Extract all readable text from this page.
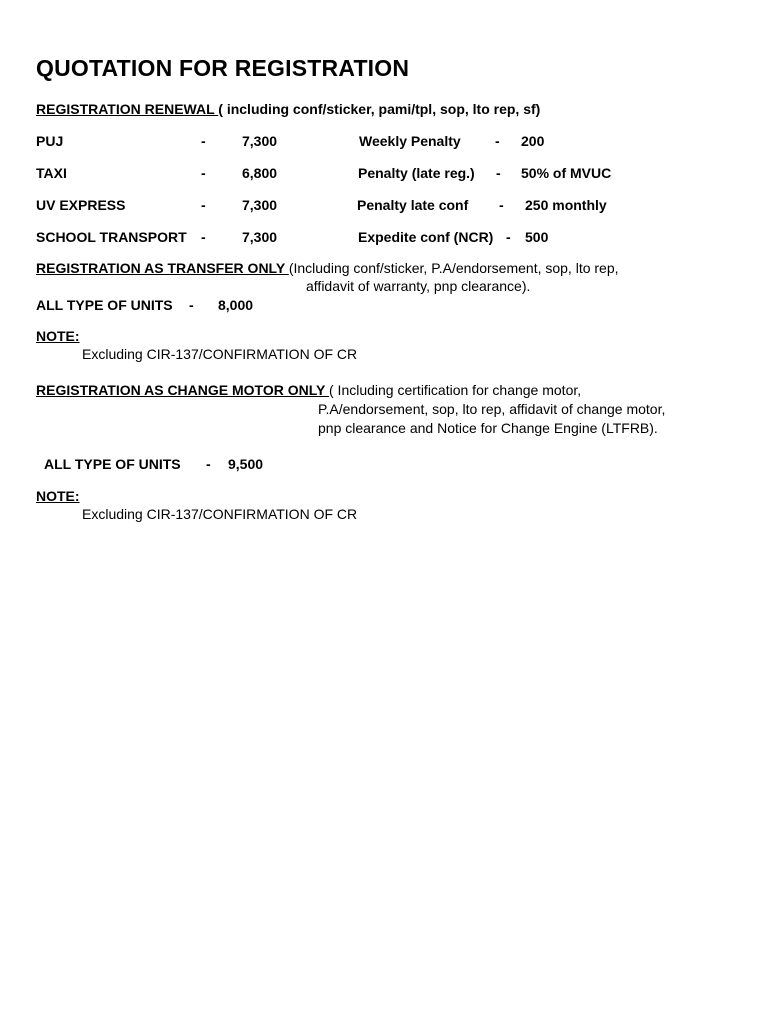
QUOTATION FOR REGISTRATION
REGISTRATION RENEWAL ( including conf/sticker, pami/tpl, sop, lto rep, sf)
PUJ	-	7,300	Weekly Penalty - 200
TAXI	-	6,800	Penalty (late reg.) - 50% of MVUC
UV EXPRESS	-	7,300	Penalty late conf - 250 monthly
SCHOOL TRANSPORT -	7,300	Expedite conf (NCR) - 500
REGISTRATION AS TRANSFER ONLY (Including conf/sticker, P.A/endorsement, sop, lto rep,
affidavit of warranty, pnp clearance).
ALL TYPE OF UNITS - 8,000
NOTE:
Excluding CIR-137/CONFIRMATION OF CR
REGISTRATION AS CHANGE MOTOR ONLY ( Including certification for change motor,
P.A/endorsement, sop, lto rep, affidavit of change motor,
pnp clearance and Notice for Change Engine (LTFRB).
ALL TYPE OF UNITS - 9,500
NOTE:
Excluding CIR-137/CONFIRMATION OF CR
